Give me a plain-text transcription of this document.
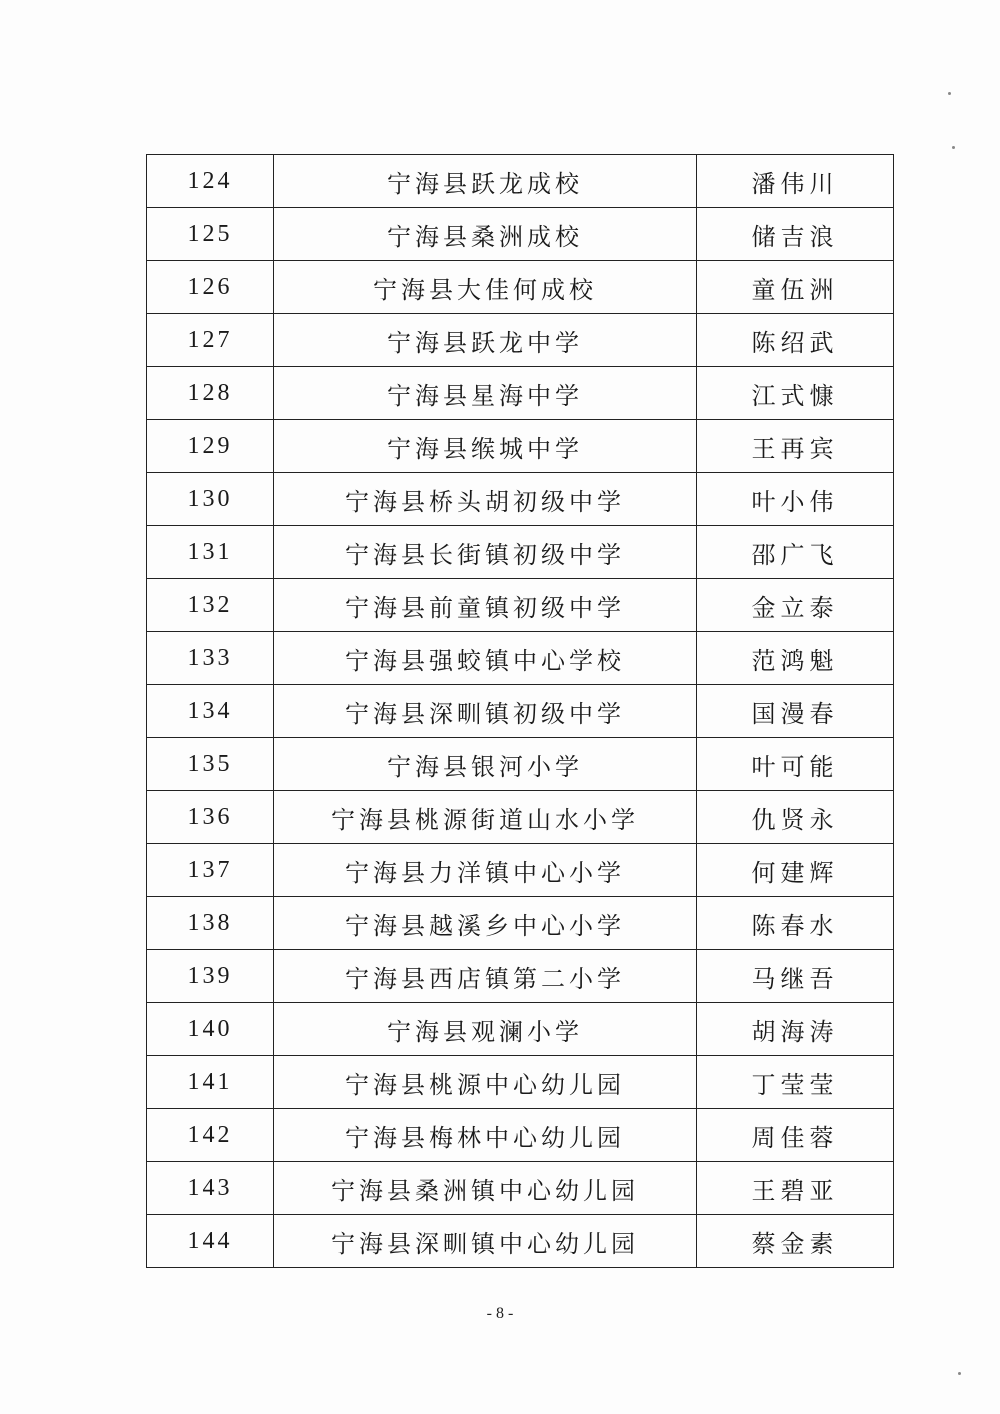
124	宁海县跃龙成校	潘伟川
125	宁海县桑洲成校	储吉浪
126	宁海县大佳何成校	童伍洲
127	宁海县跃龙中学	陈绍武
128	宁海县星海中学	江式慷
129	宁海县缑城中学	王再宾
130	宁海县桥头胡初级中学	叶小伟
131	宁海县长街镇初级中学	邵广飞
132	宁海县前童镇初级中学	金立泰
133	宁海县强蛟镇中心学校	范鸿魁
134	宁海县深甽镇初级中学	国漫春
135	宁海县银河小学	叶可能
136	宁海县桃源街道山水小学	仇贤永
137	宁海县力洋镇中心小学	何建辉
138	宁海县越溪乡中心小学	陈春水
139	宁海县西店镇第二小学	马继吾
140	宁海县观澜小学	胡海涛
141	宁海县桃源中心幼儿园	丁莹莹
142	宁海县梅林中心幼儿园	周佳蓉
143	宁海县桑洲镇中心幼儿园	王碧亚
144	宁海县深甽镇中心幼儿园	蔡金素
- 8 -
